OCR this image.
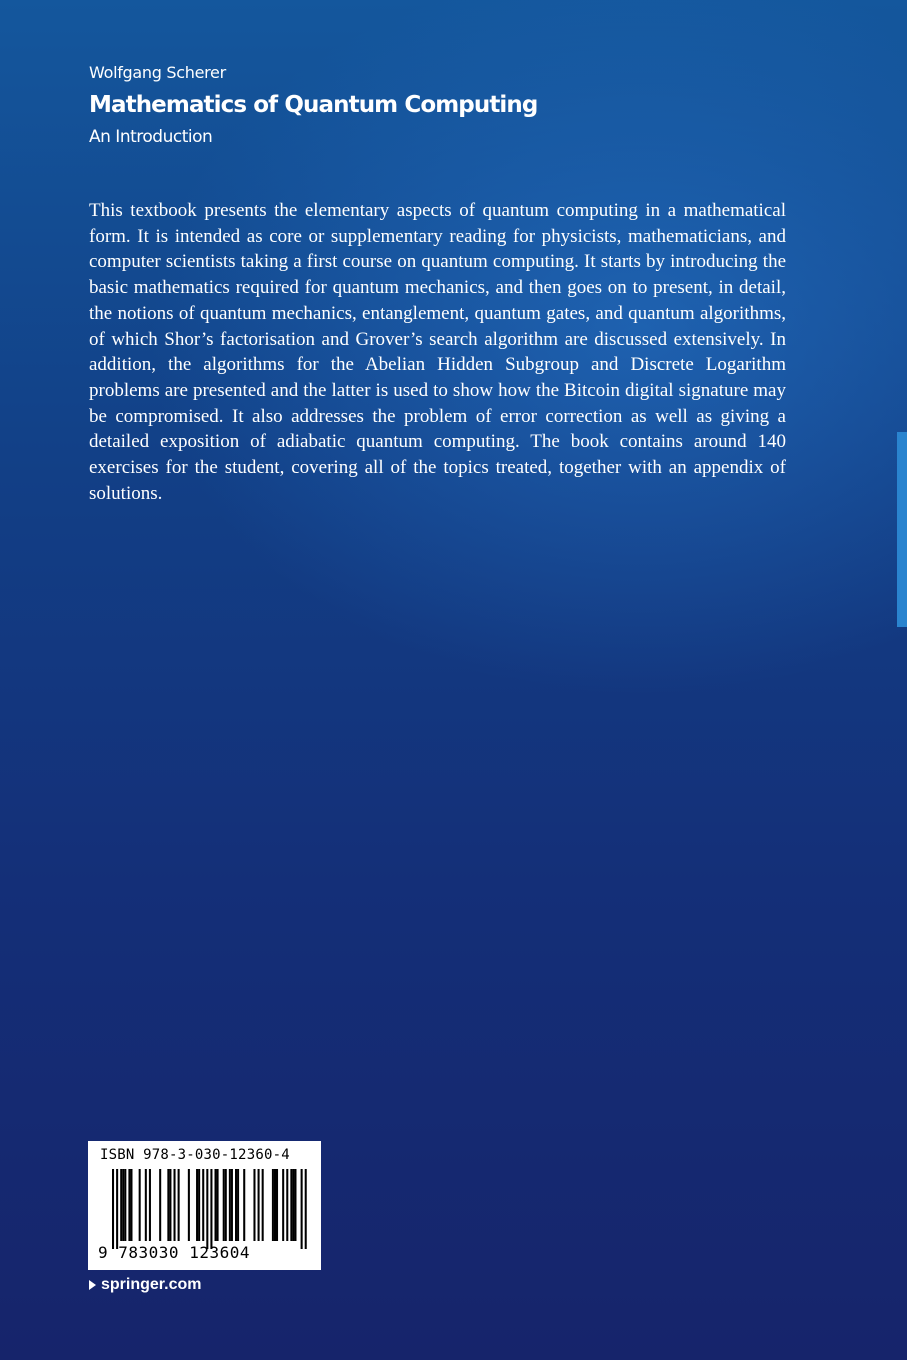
Wolfgang Scherer
Mathematics of Quantum Computing
An Introduction

This textbook presents the elementary aspects of quantum computing in a mathematical form. It is intended as core or supplementary reading for physicists, mathematicians, and computer scientists taking a first course on quantum computing. It starts by introducing the basic mathematics required for quantum mechanics, and then goes on to present, in detail, the notions of quantum mechanics, entanglement, quantum gates, and quantum algorithms, of which Shor’s factorisation and Grover’s search algorithm are discussed extensively. In addition, the algorithms for the Abelian Hidden Subgroup and Discrete Logarithm problems are presented and the latter is used to show how the Bitcoin digital signature may be compromised. It also addresses the problem of error correction as well as giving a detailed exposition of adiabatic quantum computing. The book contains around 140 exercises for the student, covering all of the topics treated, together with an appendix of solutions.

ISBN 978-3-030-12360-4
9 783030 123604
springer.com
